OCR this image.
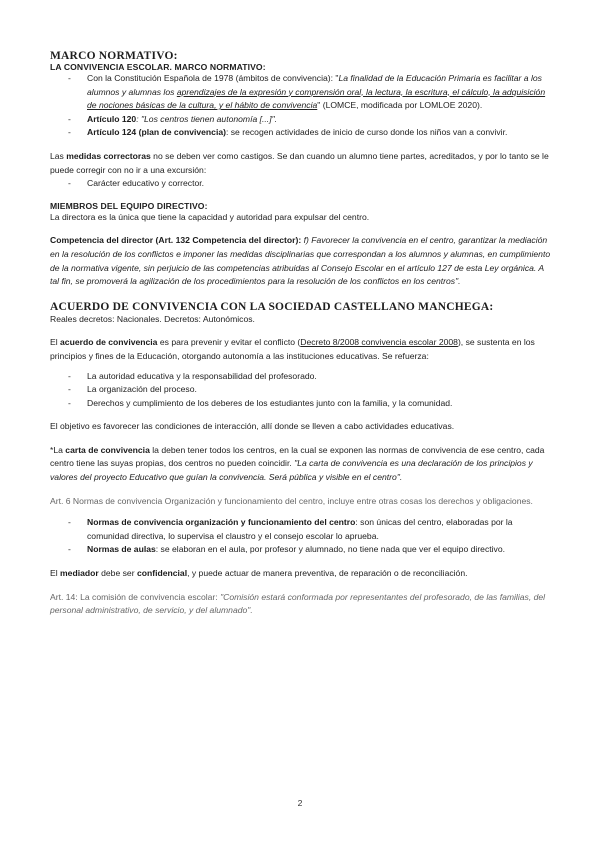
MARCO NORMATIVO:
LA CONVIVENCIA ESCOLAR. MARCO NORMATIVO:
- Con la Constitución Española de 1978 (ámbitos de convivencia): "La finalidad de la Educación Primaria es facilitar a los alumnos y alumnas los aprendizajes de la expresión y comprensión oral, la lectura, la escritura, el cálculo, la adquisición de nociones básicas de la cultura, y el hábito de convivencia" (LOMCE, modificada por LOMLOE 2020).
- Artículo 120: "Los centros tienen autonomía [...]".
- Artículo 124 (plan de convivencia): se recogen actividades de inicio de curso donde los niños van a convivir.

Las medidas correctoras no se deben ver como castigos. Se dan cuando un alumno tiene partes, acreditados, y por lo tanto se le puede corregir con no ir a una excursión:

- Carácter educativo y corrector.
MIEMBROS DEL EQUIPO DIRECTIVO:

La directora es la única que tiene la capacidad y autoridad para expulsar del centro.

Competencia del director (Art. 132 Competencia del director): f) Favorecer la convivencia en el centro, garantizar la mediación en la resolución de los conflictos e imponer las medidas disciplinarias que correspondan a los alumnos y alumnas, en cumplimiento de la normativa vigente, sin perjuicio de las competencias atribuidas al Consejo Escolar en el artículo 127 de esta Ley orgánica. A tal fin, se promoverá la agilización de los procedimientos para la resolución de los conflictos en los centros".

ACUERDO DE CONVIVENCIA CON LA SOCIEDAD CASTELLANO MANCHEGA:

Reales decretos: Nacionales. Decretos: Autonómicos.

El acuerdo de convivencia es para prevenir y evitar el conflicto (Decreto 8/2008 convivencia escolar 2008), se sustenta en los principios y fines de la Educación, otorgando autonomía a las instituciones educativas. Se refuerza:

- La autoridad educativa y la responsabilidad del profesorado.
- La organización del proceso.
- Derechos y cumplimiento de los deberes de los estudiantes junto con la familia, y la comunidad.

El objetivo es favorecer las condiciones de interacción, allí donde se lleven a cabo actividades educativas.

*La carta de convivencia la deben tener todos los centros, en la cual se exponen las normas de convivencia de ese centro, cada centro tiene las suyas propias, dos centros no pueden coincidir. "La carta de convivencia es una declaración de los principios y valores del proyecto Educativo que guían la convivencia. Será pública y visible en el centro".

Art. 6 Normas de convivencia Organización y funcionamiento del centro, incluye entre otras cosas los derechos y obligaciones.

- Normas de convivencia organización y funcionamiento del centro: son únicas del centro, elaboradas por la comunidad directiva, lo supervisa el claustro y el consejo escolar lo aprueba.
- Normas de aulas: se elaboran en el aula, por profesor y alumnado, no tiene nada que ver el equipo directivo.

El mediador debe ser confidencial, y puede actuar de manera preventiva, de reparación o de reconciliación.

Art. 14: La comisión de convivencia escolar: "Comisión estará conformada por representantes del profesorado, de las familias, del personal administrativo, de servicio, y del alumnado".

2
